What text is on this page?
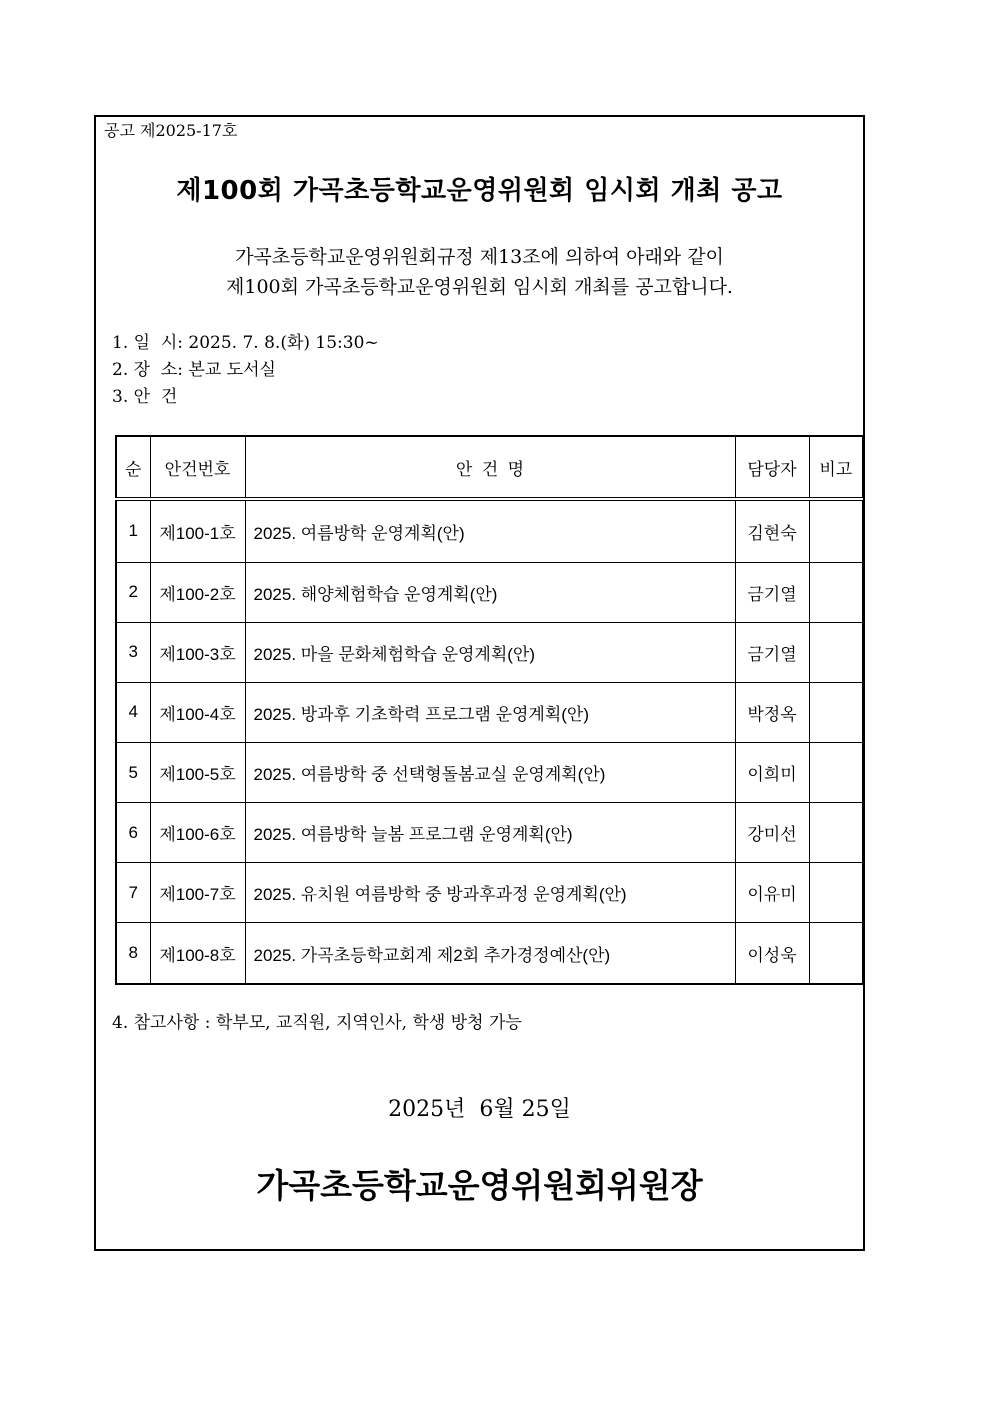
공고 제2025-17호
제100회 가곡초등학교운영위원회 임시회 개최 공고
가곡초등학교운영위원회규정 제13조에 의하여 아래와 같이
제100회 가곡초등학교운영위원회 임시회 개최를 공고합니다.
1. 일  시: 2025. 7. 8.(화) 15:30~
2. 장  소: 본교 도서실
3. 안  건
순	안건번호	안  건  명	담당자	비고
1	제100-1호	2025. 여름방학 운영계획(안)	김현숙	
2	제100-2호	2025. 해양체험학습 운영계획(안)	금기열	
3	제100-3호	2025. 마을 문화체험학습 운영계획(안)	금기열	
4	제100-4호	2025. 방과후 기초학력 프로그램 운영계획(안)	박정옥	
5	제100-5호	2025. 여름방학 중 선택형돌봄교실 운영계획(안)	이희미	
6	제100-6호	2025. 여름방학 늘봄 프로그램 운영계획(안)	강미선	
7	제100-7호	2025. 유치원 여름방학 중 방과후과정 운영계획(안)	이유미	
8	제100-8호	2025. 가곡초등학교회계 제2회 추가경정예산(안)	이성욱	
4. 참고사항 : 학부모, 교직원, 지역인사, 학생 방청 가능
2025년  6월 25일
가곡초등학교운영위원회위원장
